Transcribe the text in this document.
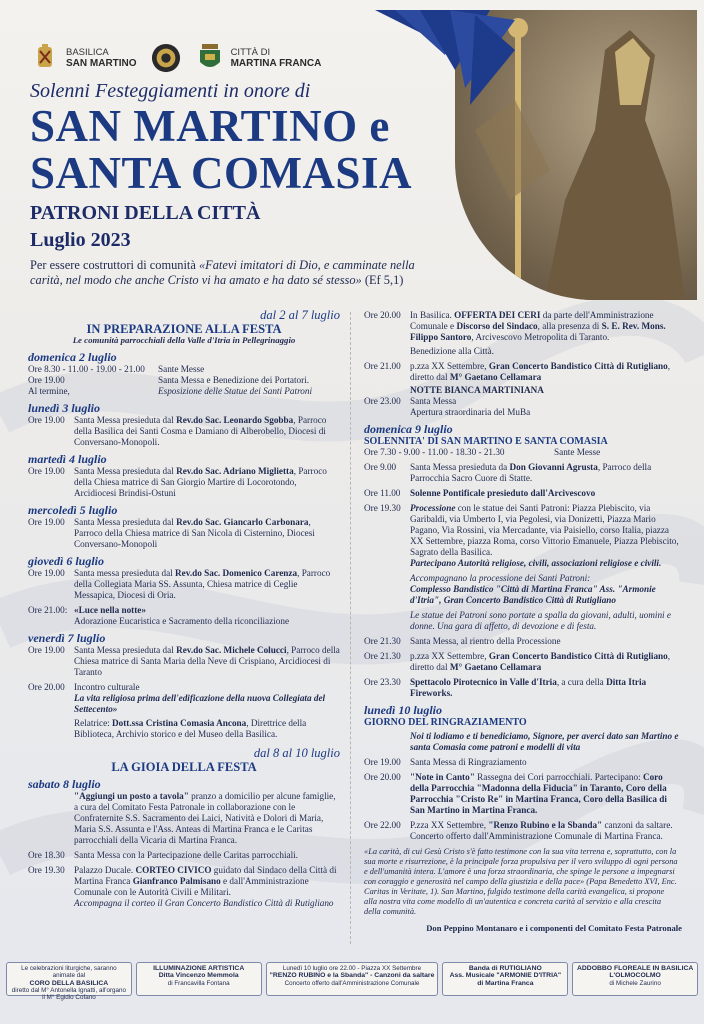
BASILICA
SAN MARTINO
CITTÀ DI
MARTINA FRANCA
Solenni Festeggiamenti in onore di
SAN MARTINO e
SANTA COMASIA
PATRONI DELLA CITTÀ
Luglio 2023
Per essere costruttori di comunità «Fatevi imitatori di Dio, e camminate nella carità, nel modo che anche Cristo vi ha amato e ha dato sé stesso» (Ef 5,1)
dal 2 al 7 luglio
IN PREPARAZIONE ALLA FESTA
Le comunità parrocchiali della Valle d'Itria in Pellegrinaggio
domenica 2 luglio
Ore 8.30 - 11.00 - 19.00 - 21.00	Sante Messe
Ore 19.00	Santa Messa e Benedizione dei Portatori.
Al termine,	Esposizione delle Statue dei Santi Patroni
lunedì 3 luglio
Ore 19.00	Santa Messa presieduta dal Rev.do Sac. Leonardo Sgobba, Parroco della Basilica dei Santi Cosma e Damiano di Alberobello, Diocesi di Conversano-Monopoli.
martedì 4 luglio
Ore 19.00	Santa Messa presieduta dal Rev.do Sac. Adriano Miglietta, Parroco della Chiesa matrice di San Giorgio Martire di Locorotondo, Arcidiocesi Brindisi-Ostuni
mercoledì 5 luglio
Ore 19.00	Santa Messa presieduta dal Rev.do Sac. Giancarlo Carbonara, Parroco della Chiesa matrice di San Nicola di Cisternino, Diocesi Conversano-Monopoli
giovedì 6 luglio
Ore 19.00	Santa messa presieduta dal Rev.do Sac. Domenico Carenza, Parroco della Collegiata Maria SS. Assunta, Chiesa matrice di Ceglie Messapica, Diocesi di Oria.
Ore 21.00: «Luce nella notte»
Adorazione Eucaristica e Sacramento della riconciliazione
venerdì 7 luglio
Ore 19.00	Santa Messa presieduta dal Rev.do Sac. Michele Colucci, Parroco della Chiesa matrice di Santa Maria della Neve di Crispiano, Arcidiocesi di Taranto
Ore 20.00	Incontro culturale
La vita religiosa prima dell'edificazione della nuova Collegiata del Settecento»
Relatrice: Dott.ssa Cristina Comasia Ancona, Direttrice della Biblioteca, Archivio storico e del Museo della Basilica.
dal 8 al 10 luglio
LA GIOIA DELLA FESTA
sabato 8 luglio
"Aggiungi un posto a tavola" pranzo a domicilio per alcune famiglie, a cura del Comitato Festa Patronale in collaborazione con le Confraternite S.S. Sacramento dei Laici, Natività e Dolori di Maria, Maria S.S. Assunta e l'Ass. Anteas di Martina Franca e le Caritas parrocchiali della Vicaria di Martina Franca.
Ore 18.30	Santa Messa con la Partecipazione delle Caritas parrocchiali.
Ore 19.30	Palazzo Ducale. CORTEO CIVICO guidato dal Sindaco della Città di Martina Franca Gianfranco Palmisano e dall'Amministrazione Comunale con le Autorità Civili e Militari.
Accompagna il corteo il Gran Concerto Bandistico Città di Rutigliano
Ore 20.00	In Basilica. OFFERTA DEI CERI da parte dell'Amministrazione Comunale e Discorso del Sindaco, alla presenza di S. E. Rev. Mons. Filippo Santoro, Arcivescovo Metropolita di Taranto.
Benedizione alla Città.
Ore 21.00	p.zza XX Settembre, Gran Concerto Bandistico Città di Rutigliano, diretto dal M° Gaetano Cellamara
NOTTE BIANCA MARTINIANA
Ore 23.00	Santa Messa
Apertura straordinaria del MuBa
domenica 9 luglio
SOLENNITA' DI SAN MARTINO E SANTA COMASIA
Ore 7.30 - 9.00 - 11.00 - 18.30 - 21.30	Sante Messe
Ore 9.00	Santa Messa presieduta da Don Giovanni Agrusta, Parroco della Parrocchia Sacro Cuore di Statte.
Ore 11.00	Solenne Pontificale presieduto dall'Arcivescovo
Ore 19.30	Processione con le statue dei Santi Patroni: Piazza Plebiscito, via Garibaldi, via Umberto I, via Pegolesi, via Donizetti, Piazza Mario Pagano, Via Rossini, via Mercadante, via Paisiello, corso Italia, piazza XX Settembre, piazza Roma, corso Vittorio Emanuele, Piazza Plebiscito, Sagrato della Basilica.
Partecipano Autorità religiose, civili, associazioni religiose e civili.
Accompagnano la processione dei Santi Patroni:
Complesso Bandistico "Città di Martina Franca" Ass. "Armonie d'Itria", Gran Concerto Bandistico Città di Rutigliano
Le statue dei Patroni sono portate a spalla da giovani, adulti, uomini e donne. Una gara di affetto, di devozione e di festa.
Ore 21.30	Santa Messa, al rientro della Processione
Ore 21.30	p.zza XX Settembre, Gran Concerto Bandistico Città di Rutigliano, diretto dal M° Gaetano Cellamara
Ore 23.30	Spettacolo Pirotecnico in Valle d'Itria, a cura della Ditta Itria Fireworks.
lunedì 10 luglio
GIORNO DEL RINGRAZIAMENTO
Noi ti lodiamo e ti benediciamo, Signore, per averci dato san Martino e santa Comasia come patroni e modelli di vita
Ore 19.00	Santa Messa di Ringraziamento
Ore 20.00	"Note in Canto" Rassegna dei Cori parrocchiali. Partecipano: Coro della Parrocchia "Madonna della Fiducia" in Taranto, Coro della Parrocchia "Cristo Re" in Martina Franca, Coro della Basilica di San Martino in Martina Franca.
Ore 22.00	P.zza XX Settembre, "Renzo Rubino e la Sbanda" canzoni da saltare.
Concerto offerto dall'Amministrazione Comunale di Martina Franca.
«La carità, di cui Gesù Cristo s'è fatto testimone con la sua vita terrena e, soprattutto, con la sua morte e risurrezione, è la principale forza propulsiva per il vero sviluppo di ogni persona e dell'umanità intera. L'amore è una forza straordinaria, che spinge le persone a impegnarsi con coraggio e generosità nel campo della giustizia e della pace» (Papa Benedetto XVI, Enc. Caritas in Veritate, 1). San Martino, fulgido testimone della carità evangelica, si propone alla nostra vita come modello di un'autentica e concreta carità al servizio e alla crescita della comunità.
Don Peppino Montanaro e i componenti del Comitato Festa Patronale
Le celebrazioni liturgiche, saranno animate dal
CORO DELLA BASILICA
diretto dal M° Antonella Ignatti, all'organo il M° Egidio Cofano
ILLUMINAZIONE ARTISTICA
Ditta Vincenzo Memmola
di Francavilla Fontana
Lunedì 10 luglio ore 22.00 - Piazza XX Settembre
"RENZO RUBINO e la Sbanda" - Canzoni da saltare
Concerto offerto dall'Amministrazione Comunale
Banda di RUTIGLIANO
Ass. Musicale "ARMONIE D'ITRIA"
di Martina Franca
ADDOBBO FLOREALE IN BASILICA
L'OLMOCOLMO
di Michele Zaurino
